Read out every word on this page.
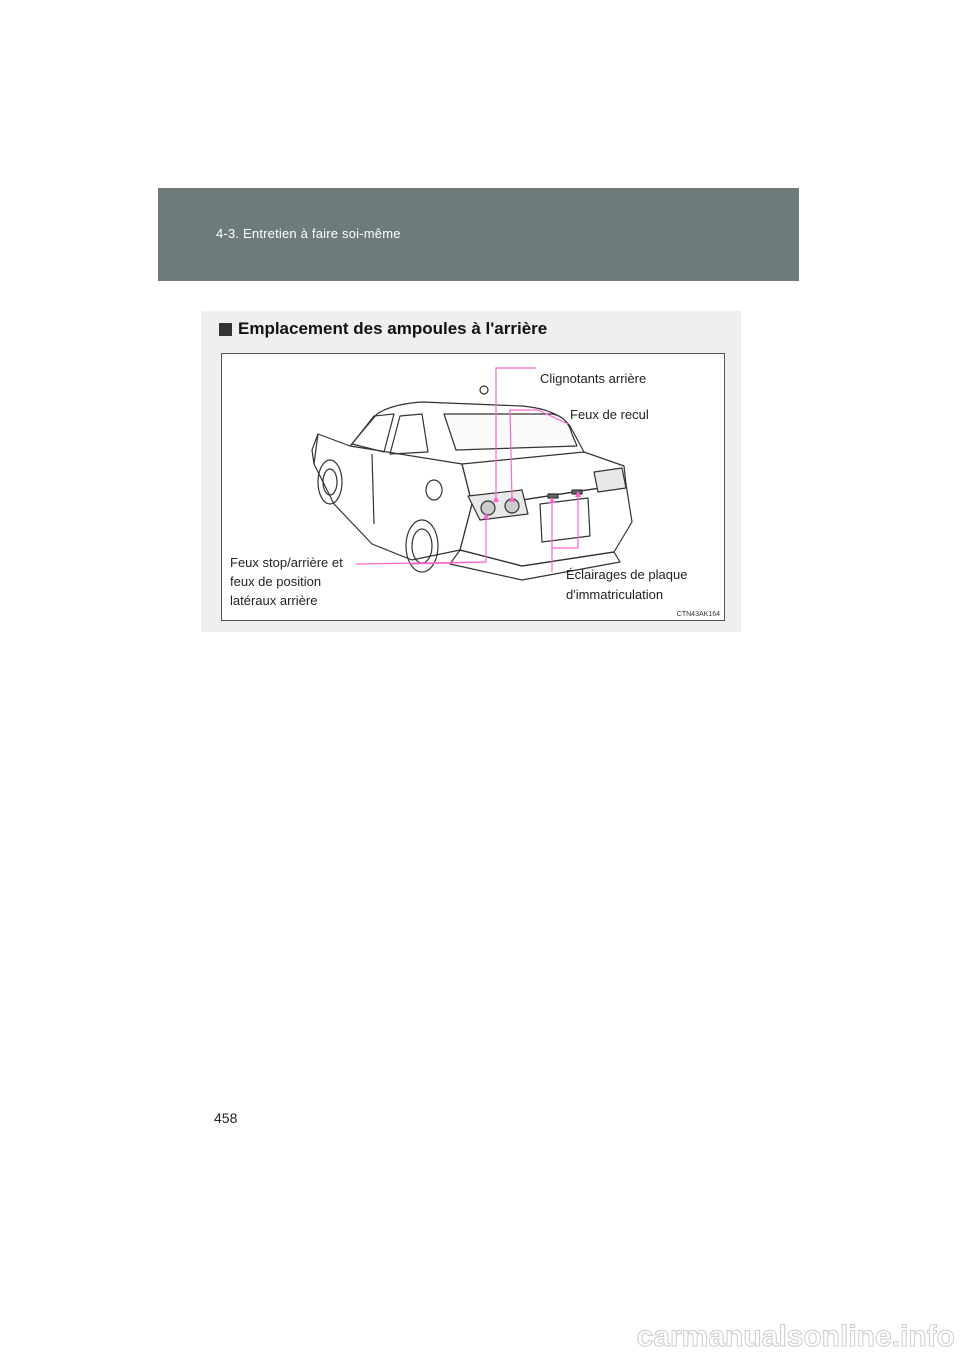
4-3. Entretien à faire soi-même
Emplacement des ampoules à l'arrière
Clignotants arrière
Feux de recul
Feux stop/arrière et
feux de position
latéraux arrière
Éclairages de plaque
d'immatriculation
CTN43AK164
458
carmanualsonline.info
